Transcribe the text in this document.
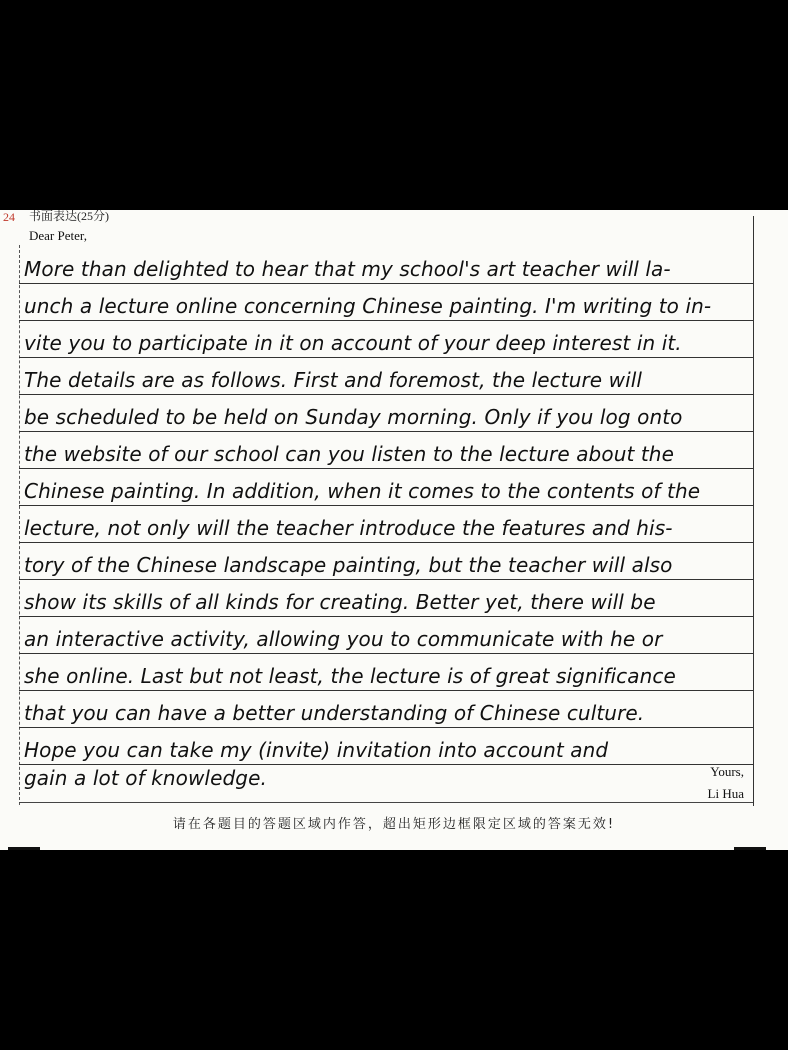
24 书面表达(25分)
Dear Peter,
More than delighted to hear that my school's art teacher will la-
unch a lecture online concerning Chinese painting. I'm writing to in-
vite you to participate in it on account of your deep interest in it.
The details are as follows. First and foremost, the lecture will
be scheduled to be held on Sunday morning. Only if you log onto
the website of our school can you listen to the lecture about the
Chinese painting. In addition, when it comes to the contents of the
lecture, not only will the teacher introduce the features and his-
tory of the Chinese landscape painting, but the teacher will also
show its skills of all kinds for creating. Better yet, there will be
an interactive activity, allowing you to communicate with he or
she online. Last but not least, the lecture is of great significance
that you can have a better understanding of Chinese culture.
Hope you can take my (invite) invitation into account and
gain a lot of knowledge.	Yours,
Li Hua
请在各题目的答题区域内作答，超出矩形边框限定区域的答案无效!
